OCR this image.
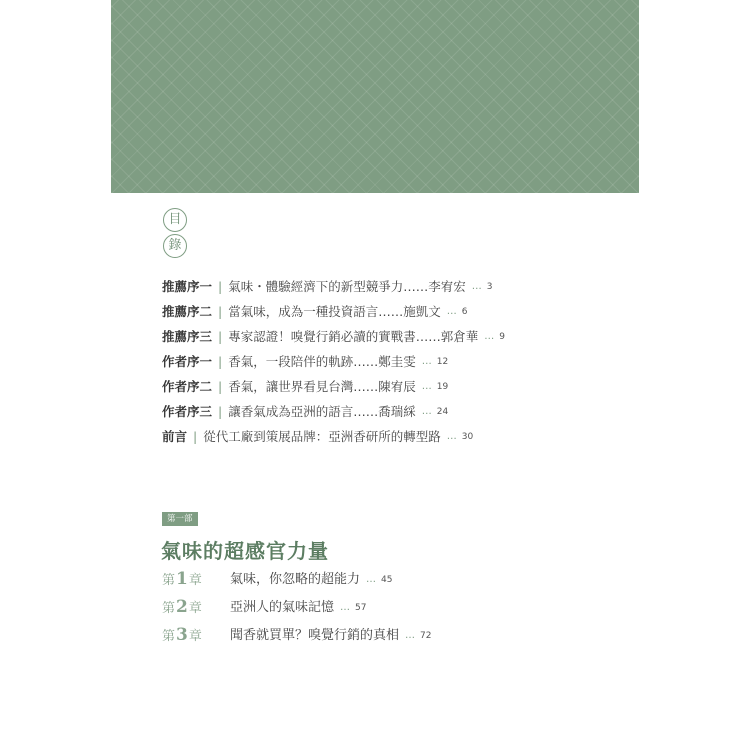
目
錄
推薦序一 | 氣味・體驗經濟下的新型競爭力…… 李宥宏 … 3
推薦序二 | 當氣味，成為一種投資語言…… 施凱文 … 6
推薦序三 | 專家認證！嗅覺行銷必讀的實戰書…… 郭倉華 … 9
作者序一 | 香氣，一段陪伴的軌跡…… 鄭圭雯 … 12
作者序二 | 香氣，讓世界看見台灣…… 陳宥辰 … 19
作者序三 | 讓香氣成為亞洲的語言…… 喬瑞綵 … 24
前言 | 從代工廠到策展品牌：亞洲香研所的轉型路 … 30
第一部
氣味的超感官力量
第1章	氣味，你忽略的超能力 … 45
第2章	亞洲人的氣味記憶 … 57
第3章	聞香就買單？嗅覺行銷的真相 … 72
